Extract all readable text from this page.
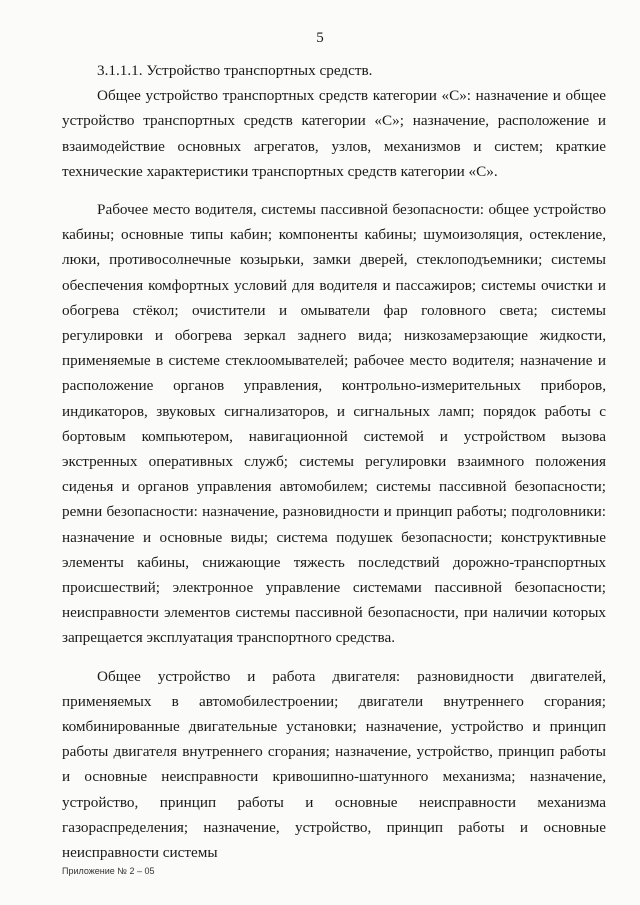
5

3.1.1.1. Устройство транспортных средств.

Общее устройство транспортных средств категории «С»: назначение и общее устройство транспортных средств категории «С»; назначение, расположение и взаимодействие основных агрегатов, узлов, механизмов и систем; краткие технические характеристики транспортных средств категории «С».

Рабочее место водителя, системы пассивной безопасности: общее устройство кабины; основные типы кабин; компоненты кабины; шумоизоляция, остекление, люки, противосолнечные козырьки, замки дверей, стеклоподъемники; системы обеспечения комфортных условий для водителя и пассажиров; системы очистки и обогрева стёкол; очистители и омыватели фар головного света; системы регулировки и обогрева зеркал заднего вида; низкозамерзающие жидкости, применяемые в системе стеклоомывателей; рабочее место водителя; назначение и расположение органов управления, контрольно-измерительных приборов, индикаторов, звуковых сигнализаторов, и сигнальных ламп; порядок работы с бортовым компьютером, навигационной системой и устройством вызова экстренных оперативных служб; системы регулировки взаимного положения сиденья и органов управления автомобилем; системы пассивной безопасности; ремни безопасности: назначение, разновидности и принцип работы; подголовники: назначение и основные виды; система подушек безопасности; конструктивные элементы кабины, снижающие тяжесть последствий дорожно-транспортных происшествий; электронное управление системами пассивной безопасности; неисправности элементов системы пассивной безопасности, при наличии которых запрещается эксплуатация транспортного средства.

Общее устройство и работа двигателя: разновидности двигателей, применяемых в автомобилестроении; двигатели внутреннего сгорания; комбинированные двигательные установки; назначение, устройство и принцип работы двигателя внутреннего сгорания; назначение, устройство, принцип работы и основные неисправности кривошипно-шатунного механизма; назначение, устройство, принцип работы и основные неисправности механизма газораспределения; назначение, устройство, принцип работы и основные неисправности системы

Приложение № 2 – 05
